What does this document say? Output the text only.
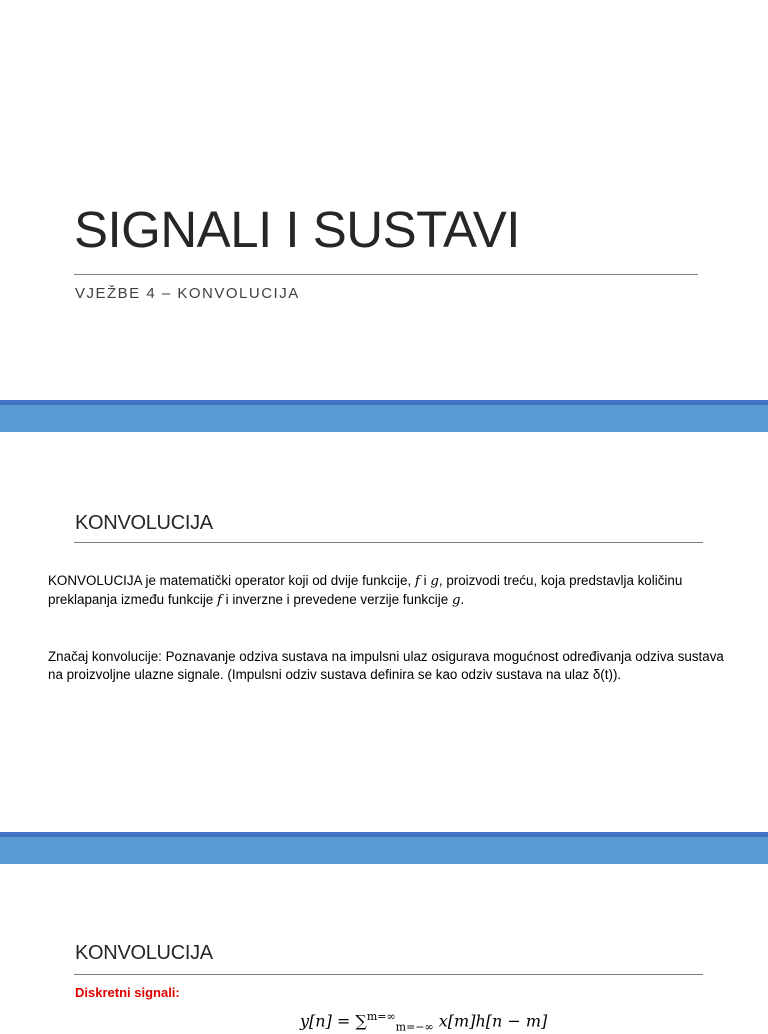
SIGNALI I SUSTAVI
VJEŽBE 4 – KONVOLUCIJA
KONVOLUCIJA

KONVOLUCIJA je matematički operator koji od dvije funkcije, f i g, proizvodi treću, koja predstavlja količinu preklapanja između funkcije f i inverzne i prevedene verzije funkcije g.

Značaj konvolucije: Poznavanje odziva sustava na impulsni ulaz osigurava mogućnost određivanja odziva sustava na proizvoljne ulazne signale. (Impulsni odziv sustava definira se kao odziv sustava na ulaz δ(t)).

KONVOLUCIJA
Diskretni signali:
y[n] = ∑$^{m=\infty}_{m=-\infty}$ x[m]h[n − m]
